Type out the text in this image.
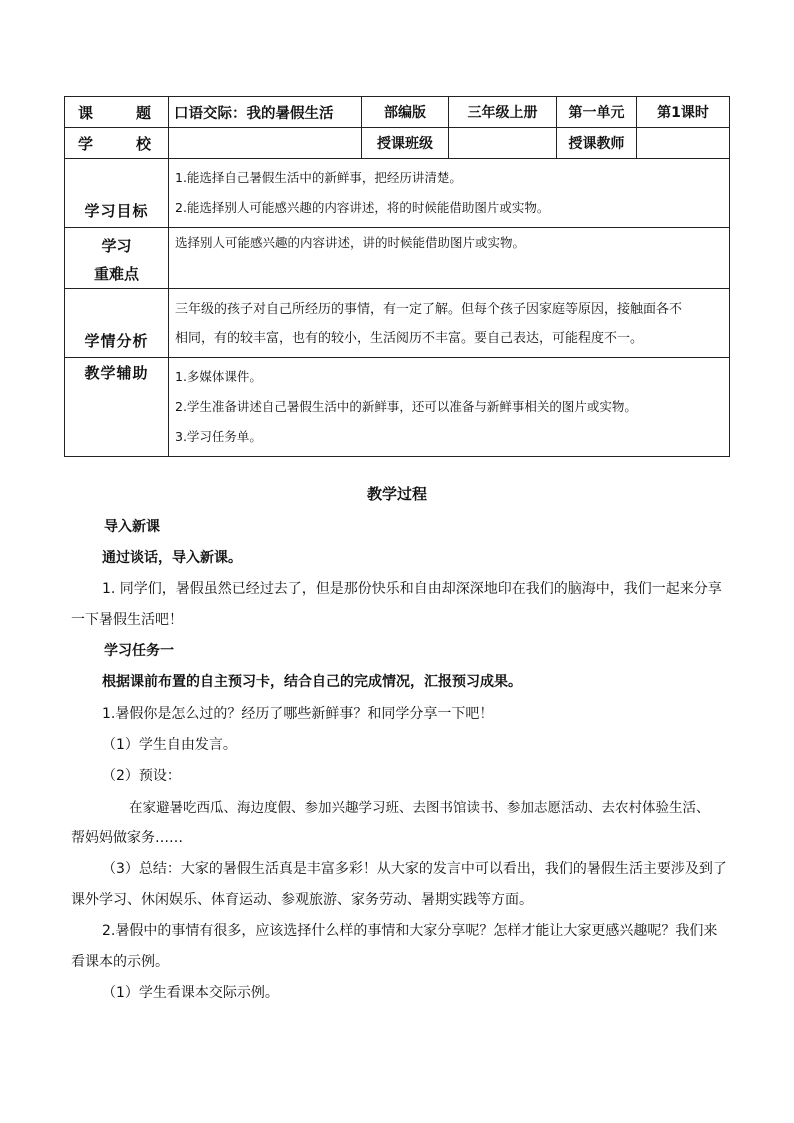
课　题	口语交际：我的暑假生活	部编版	三年级上册	第一单元	第1课时
学　校		授课班级		授课教师	
学习目标	1.能选择自己暑假生活中的新鲜事，把经历讲清楚。
2.能选择别人可能感兴趣的内容讲述，将的时候能借助图片或实物。				

学习
重难点	选择别人可能感兴趣的内容讲述，讲的时候能借助图片或实物。				
学情分析	三年级的孩子对自己所经历的事情，有一定了解。但每个孩子因家庭等原因，接触面各不
相同，有的较丰富，也有的较小，生活阅历不丰富。要自己表达，可能程度不一。				

教学辅助	1.多媒体课件。
2.学生准备讲述自己暑假生活中的新鲜事，还可以准备与新鲜事相关的图片或实物。
3.学习任务单。				
教学过程
导入新课
通过谈话，导入新课。
1. 同学们，暑假虽然已经过去了，但是那份快乐和自由却深深地印在我们的脑海中，我们一起来分享
一下暑假生活吧！
学习任务一
根据课前布置的自主预习卡，结合自己的完成情况，汇报预习成果。
1.暑假你是怎么过的？经历了哪些新鲜事？和同学分享一下吧！
（1）学生自由发言。
（2）预设：
在家避暑吃西瓜、海边度假、参加兴趣学习班、去图书馆读书、参加志愿活动、去农村体验生活、
帮妈妈做家务……
（3）总结：大家的暑假生活真是丰富多彩！从大家的发言中可以看出，我们的暑假生活主要涉及到了
课外学习、休闲娱乐、体育运动、参观旅游、家务劳动、暑期实践等方面。
2.暑假中的事情有很多，应该选择什么样的事情和大家分享呢？怎样才能让大家更感兴趣呢？我们来
看课本的示例。
（1）学生看课本交际示例。
